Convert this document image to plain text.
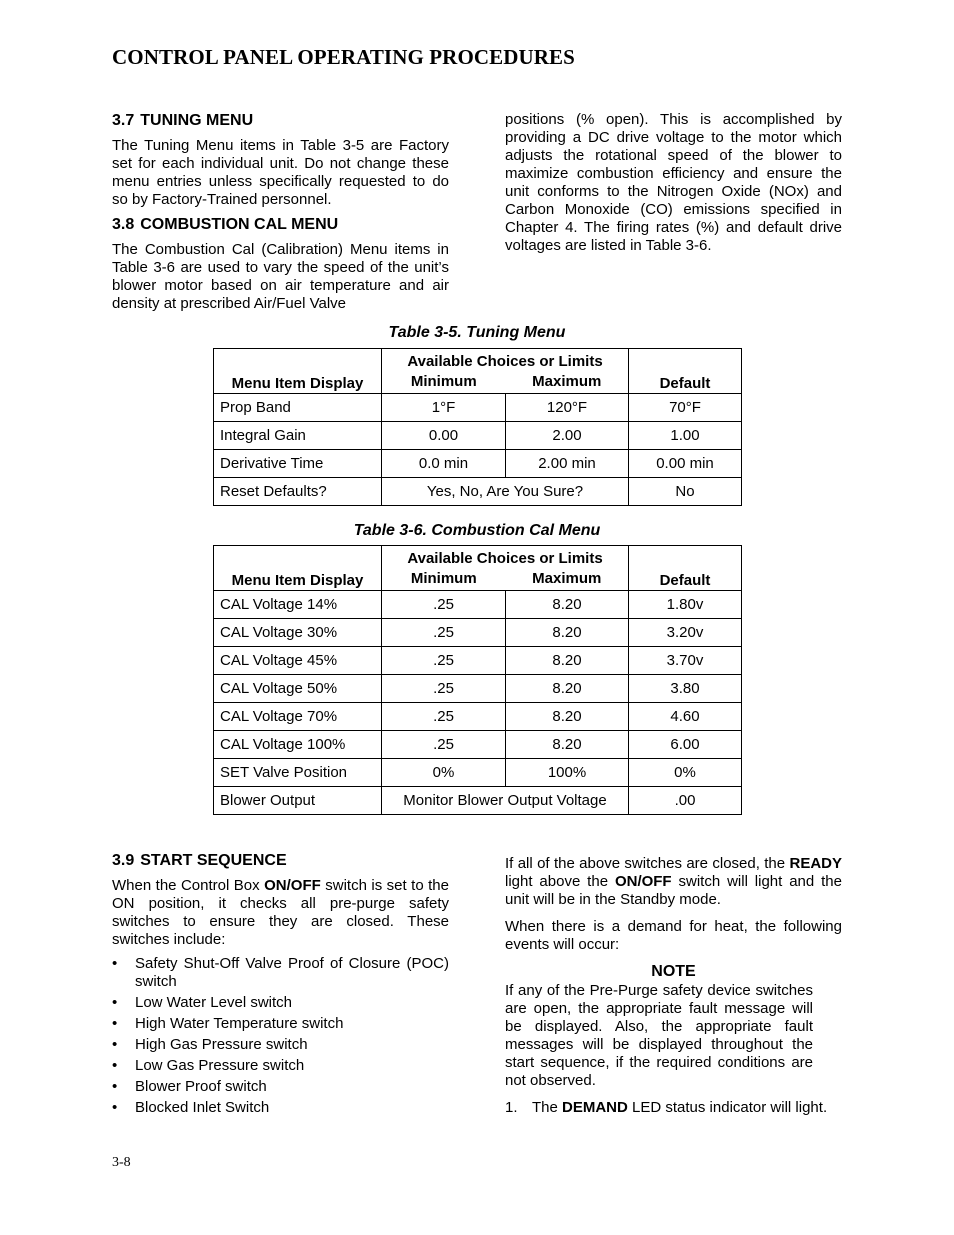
CONTROL PANEL OPERATING PROCEDURES
3.7 TUNING MENU

The Tuning Menu items in Table 3-5 are Factory set for each individual unit. Do not change these menu entries unless specifically requested to do so by Factory-Trained personnel.

3.8 COMBUSTION CAL MENU

The Combustion Cal (Calibration) Menu items in Table 3-6 are used to vary the speed of the unit’s blower motor based on air temperature and air density at prescribed Air/Fuel Valve

positions (% open). This is accomplished by providing a DC drive voltage to the motor which adjusts the rotational speed of the blower to maximize combustion efficiency and ensure the unit conforms to the Nitrogen Oxide (NOx) and Carbon Monoxide (CO) emissions specified in Chapter 4. The firing rates (%) and default drive voltages are listed in Table 3-6.

Table 3-5. Tuning Menu
Menu Item Display	Available Choices or Limits		Default
	Minimum	Maximum	
Prop Band	1°F	120°F	70°F
Integral Gain	0.00	2.00	1.00
Derivative Time	0.0 min	2.00 min	0.00 min
Reset Defaults?	Yes, No, Are You Sure?		No
Table 3-6. Combustion Cal Menu
Menu Item Display	Available Choices or Limits		Default
	Minimum	Maximum	
CAL Voltage 14%	.25	8.20	1.80v
CAL Voltage 30%	.25	8.20	3.20v
CAL Voltage 45%	.25	8.20	3.70v
CAL Voltage 50%	.25	8.20	3.80
CAL Voltage 70%	.25	8.20	4.60
CAL Voltage 100%	.25	8.20	6.00
SET Valve Position	0%	100%	0%
Blower Output	Monitor Blower Output Voltage		.00
3.9 START SEQUENCE

When the Control Box ON/OFF switch is set to the ON position, it checks all pre-purge safety switches to ensure they are closed. These switches include:

• Safety Shut-Off Valve Proof of Closure (POC) switch
• Low Water Level switch
• High Water Temperature switch
• High Gas Pressure switch
• Low Gas Pressure switch
• Blower Proof switch
• Blocked Inlet Switch

If all of the above switches are closed, the READY light above the ON/OFF switch will light and the unit will be in the Standby mode.

When there is a demand for heat, the following events will occur:

NOTE

If any of the Pre-Purge safety device switches are open, the appropriate fault message will be displayed. Also, the appropriate fault messages will be displayed throughout the start sequence, if the required conditions are not observed.

1. The DEMAND LED status indicator will light.

3-8
